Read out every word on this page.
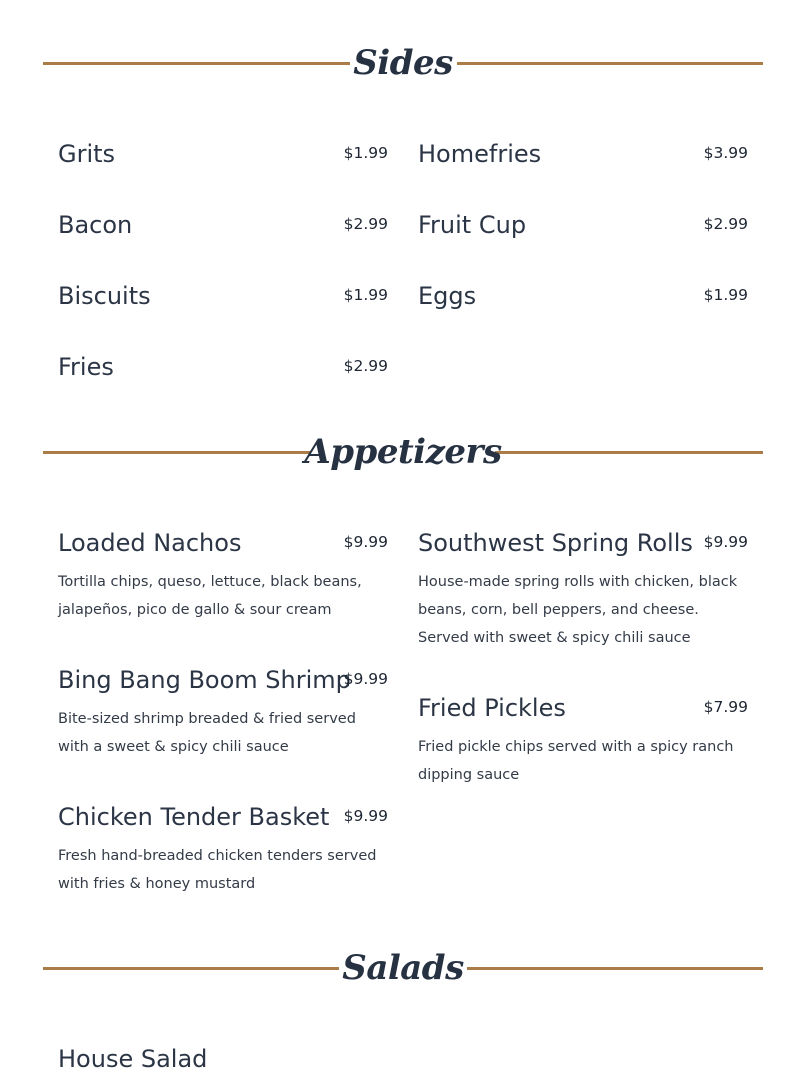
Sides
Grits	$1.99 Homefries	$3.99
Bacon	$2.99 Fruit Cup	$2.99
Biscuits	$1.99 Eggs	$1.99
Fries	$2.99
Appetizers
Loaded Nachos	$9.99
Tortilla chips, queso, lettuce, black beans, jalapeños, pico de gallo & sour cream
Southwest Spring Rolls $9.99
House-made spring rolls with chicken, black beans, corn, bell peppers, and cheese. Served with sweet & spicy chili sauce
Bing Bang Boom Shrimp
$9.99
Bite-sized shrimp breaded & fried served with a sweet & spicy chili sauce
Fried Pickles	$7.99
Fried pickle chips served with a spicy ranch dipping sauce
Chicken Tender Basket $9.99
Fresh hand-breaded chicken tenders served with fries & honey mustard
Salads
House Salad
